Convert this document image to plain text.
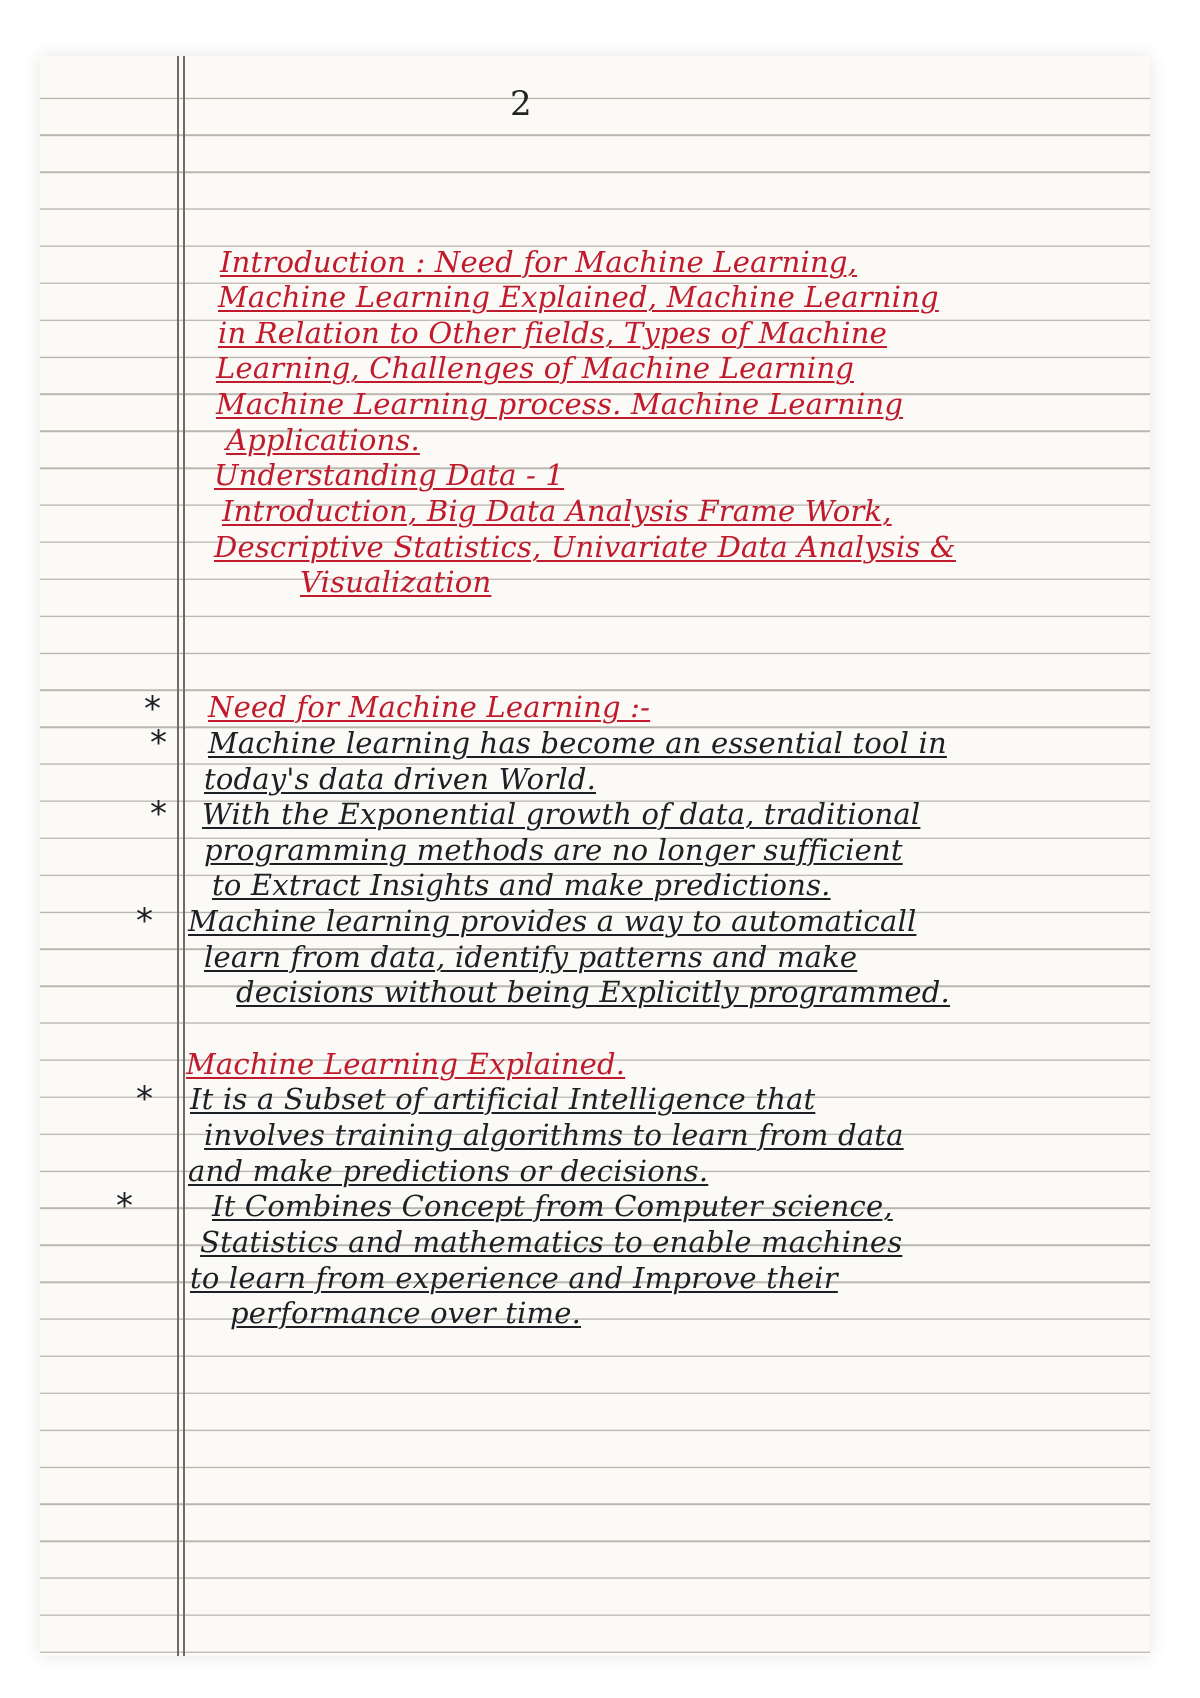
2
Introduction : Need for Machine Learning,
Machine Learning Explained, Machine Learning
in Relation to Other fields, Types of Machine
Learning, Challenges of Machine Learning
Machine Learning process. Machine Learning
Applications.
Understanding Data - 1
Introduction, Big Data Analysis Frame Work,
Descriptive Statistics, Univariate Data Analysis &
Visualization
* Need for Machine Learning :-
* Machine learning has become an essential tool in
today's data driven World.
* With the Exponential growth of data, traditional
programming methods are no longer sufficient
to Extract Insights and make predictions.
* Machine learning provides a way to automaticall
learn from data, identify patterns and make
decisions without being Explicitly programmed.
Machine Learning Explained.
* It is a Subset of artificial Intelligence that
involves training algorithms to learn from data
and make predictions or decisions.
*	It Combines Concept from Computer science,
Statistics and mathematics to enable machines
to learn from experience and Improve their
performance over time.
